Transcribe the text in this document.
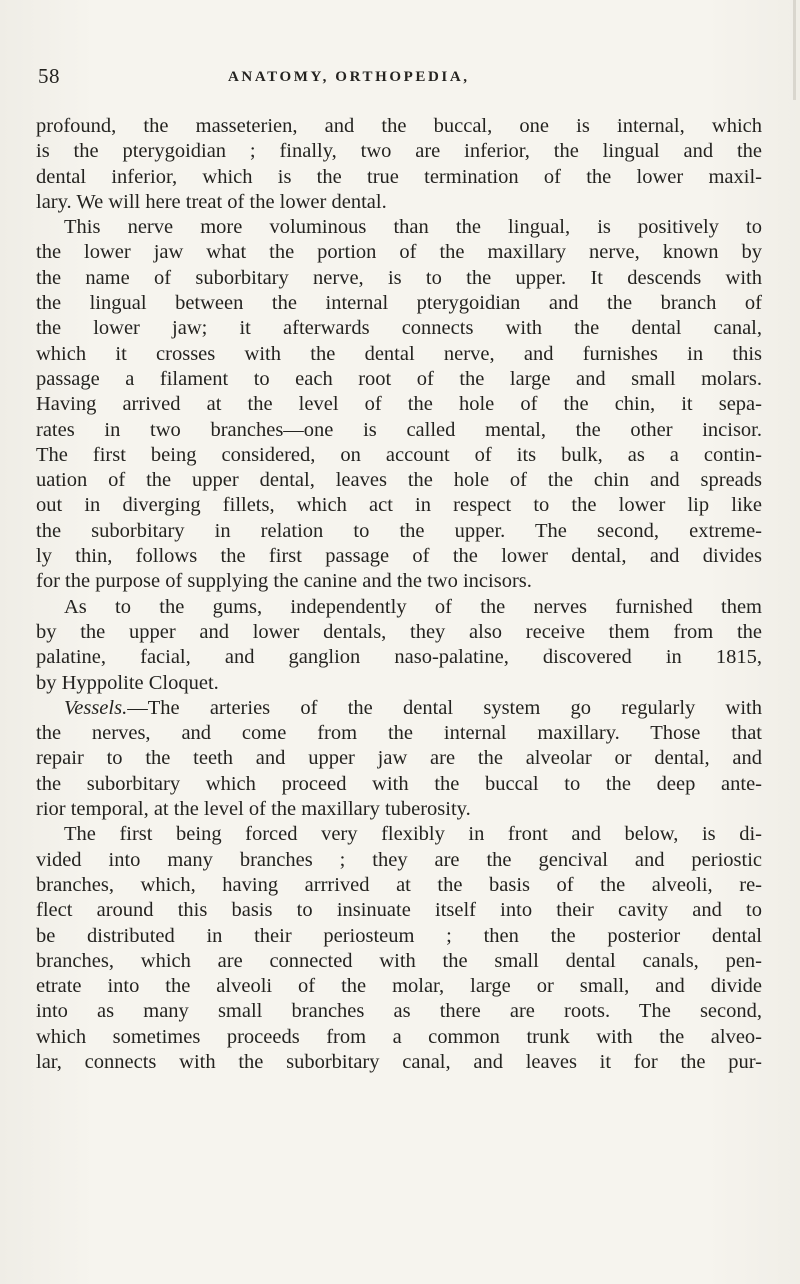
58	ANATOMY, ORTHOPEDIA,
profound, the masseterien, and the buccal, one is internal, which
is the pterygoidian ; finally, two are inferior, the lingual and the
dental inferior, which is the true termination of the lower maxil-
lary. We will here treat of the lower dental.
This nerve more voluminous than the lingual, is positively to
the lower jaw what the portion of the maxillary nerve, known by
the name of suborbitary nerve, is to the upper. It descends with
the lingual between the internal pterygoidian and the branch of
the lower jaw; it afterwards connects with the dental canal,
which it crosses with the dental nerve, and furnishes in this
passage a filament to each root of the large and small molars.
Having arrived at the level of the hole of the chin, it sepa-
rates in two branches—one is called mental, the other incisor.
The first being considered, on account of its bulk, as a contin-
uation of the upper dental, leaves the hole of the chin and spreads
out in diverging fillets, which act in respect to the lower lip like
the suborbitary in relation to the upper. The second, extreme-
ly thin, follows the first passage of the lower dental, and divides
for the purpose of supplying the canine and the two incisors.
As to the gums, independently of the nerves furnished them
by the upper and lower dentals, they also receive them from the
palatine, facial, and ganglion naso-palatine, discovered in 1815,
by Hyppolite Cloquet.
Vessels.—The arteries of the dental system go regularly with
the nerves, and come from the internal maxillary. Those that
repair to the teeth and upper jaw are the alveolar or dental, and
the suborbitary which proceed with the buccal to the deep ante-
rior temporal, at the level of the maxillary tuberosity.
The first being forced very flexibly in front and below, is di-
vided into many branches ; they are the gencival and periostic
branches, which, having arrrived at the basis of the alveoli, re-
flect around this basis to insinuate itself into their cavity and to
be distributed in their periosteum ; then the posterior dental
branches, which are connected with the small dental canals, pen-
etrate into the alveoli of the molar, large or small, and divide
into as many small branches as there are roots. The second,
which sometimes proceeds from a common trunk with the alveo-
lar, connects with the suborbitary canal, and leaves it for the pur-
